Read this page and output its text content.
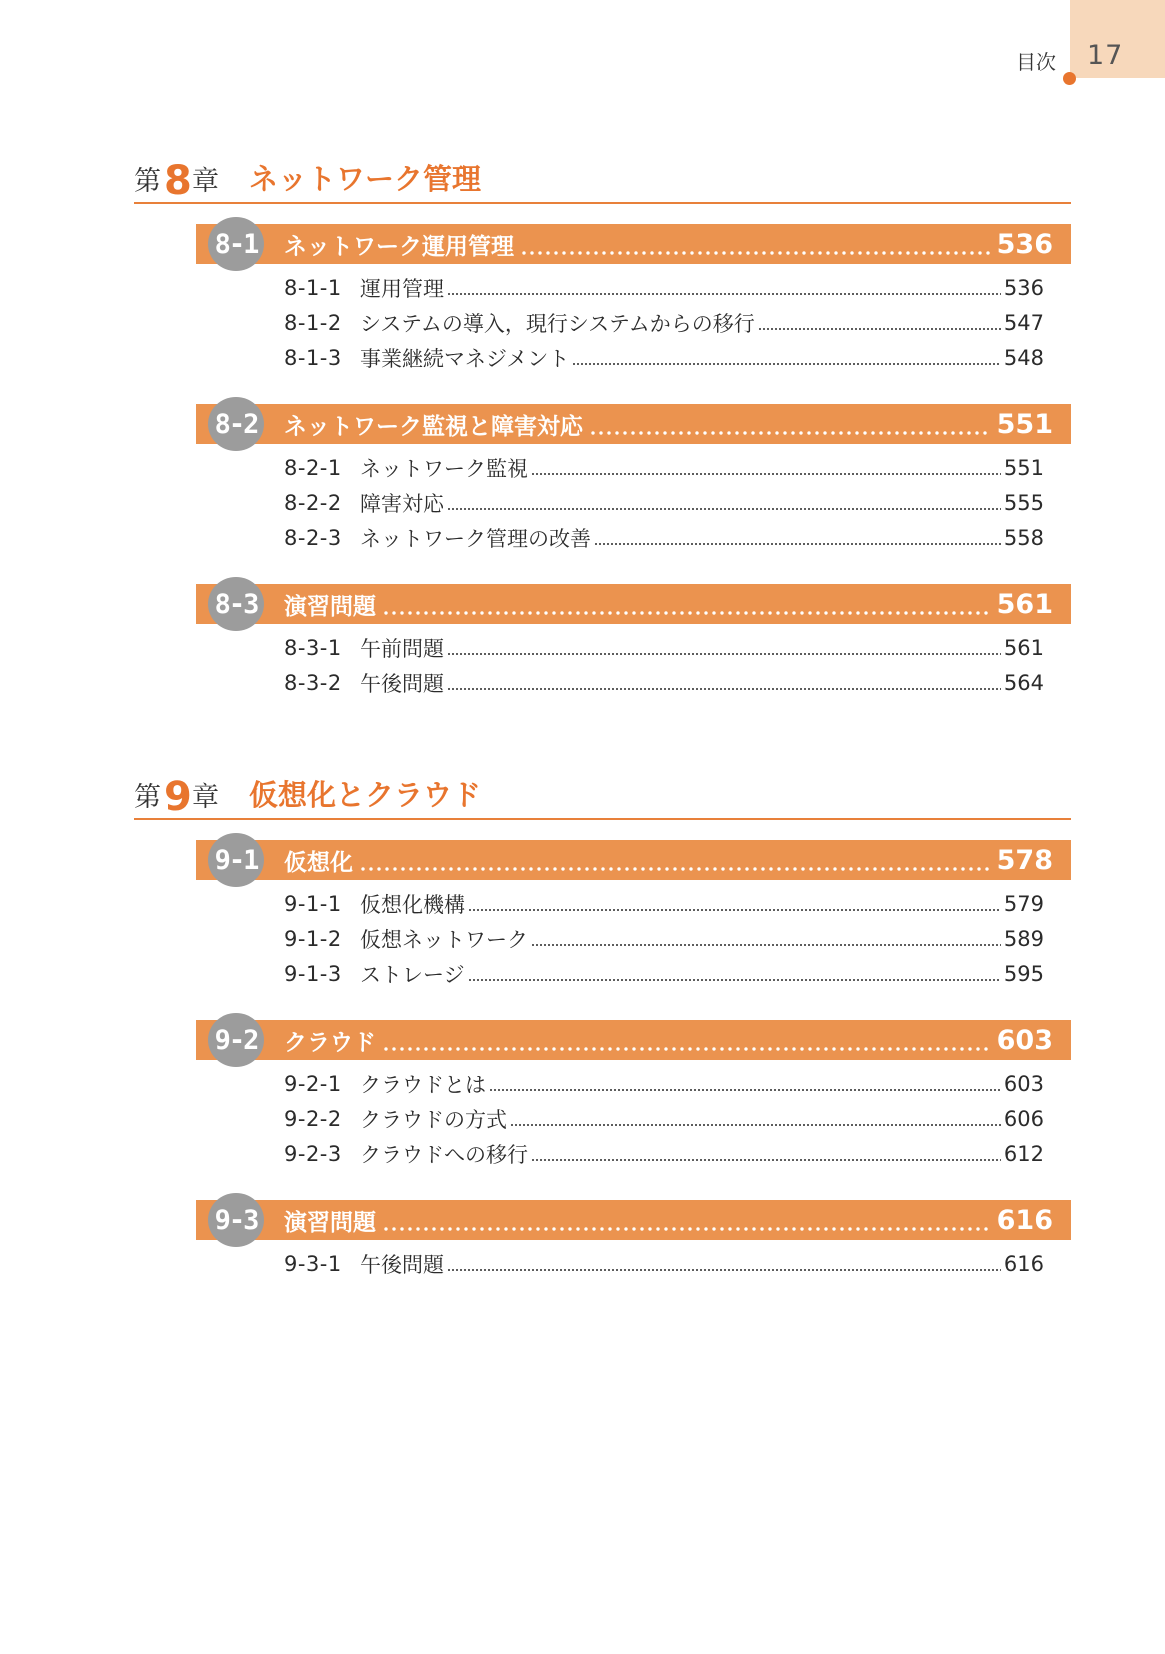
目次 17
第 8 章 ネットワーク管理
8-1 ネットワーク運用管理	536
8-1-1 運用管理	536
8-1-2 システムの導入，現行システムからの移行	547
8-1-3 事業継続マネジメント	548
8-2 ネットワーク監視と障害対応	551
8-2-1 ネットワーク監視	551
8-2-2 障害対応	555
8-2-3 ネットワーク管理の改善	558
8-3 演習問題	561
8-3-1 午前問題	561
8-3-2 午後問題	564
第 9 章 仮想化とクラウド
9-1 仮想化	578
9-1-1 仮想化機構	579
9-1-2 仮想ネットワーク	589
9-1-3 ストレージ	595
9-2 クラウド	603
9-2-1 クラウドとは	603
9-2-2 クラウドの方式	606
9-2-3 クラウドへの移行	612
9-3 演習問題	616
9-3-1 午後問題	616
